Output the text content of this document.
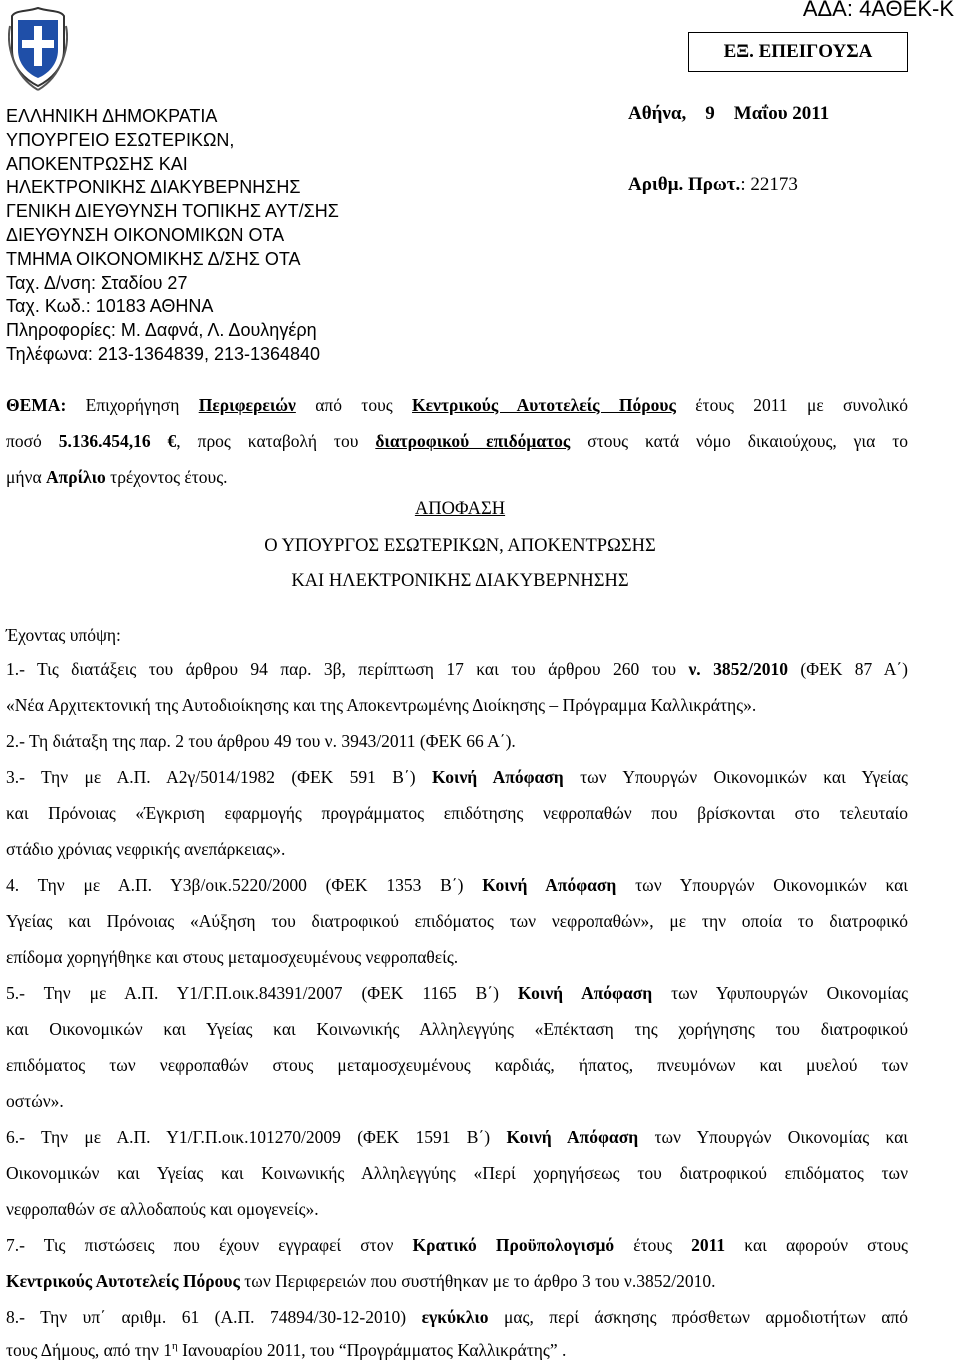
ΑΔΑ: 4ΑΘΕΚ-Κ
ΕΞ. ΕΠΕΙΓΟΥΣΑ
ΕΛΛΗΝΙΚΗ ΔΗΜΟΚΡΑΤΙΑ
ΥΠΟΥΡΓΕΙΟ ΕΣΩΤΕΡΙΚΩΝ,
ΑΠΟΚΕΝΤΡΩΣΗΣ ΚΑΙ
ΗΛΕΚΤΡΟΝΙΚΗΣ ΔΙΑΚΥΒΕΡΝΗΣΗΣ
ΓΕΝΙΚΗ ΔΙΕΥΘΥΝΣΗ ΤΟΠΙΚΗΣ ΑΥΤ/ΣΗΣ
ΔΙΕΥΘΥΝΣΗ ΟΙΚΟΝΟΜΙΚΩΝ ΟΤΑ
ΤΜΗΜΑ ΟΙΚΟΝΟΜΙΚΗΣ Δ/ΣΗΣ ΟΤΑ
Ταχ. Δ/νση: Σταδίου 27
Ταχ. Κωδ.: 10183 ΑΘΗΝΑ
Πληροφορίες: Μ. Δαφνά, Λ. Δουληγέρη
Τηλέφωνα: 213-1364839, 213-1364840
Αθήνα,    9    Μαΐου 2011
Αριθμ. Πρωτ.: 22173
ΘΕΜΑ: Επιχορήγηση Περιφερειών από τους Κεντρικούς Αυτοτελείς Πόρους έτους 2011 με συνολικό
ποσό 5.136.454,16 €, προς καταβολή του διατροφικού επιδόματος στους κατά νόμο δικαιούχους, για το
μήνα Απρίλιο τρέχοντος έτους.
ΑΠΟΦΑΣΗ
Ο ΥΠΟΥΡΓΟΣ ΕΣΩΤΕΡΙΚΩΝ, ΑΠΟΚΕΝΤΡΩΣΗΣ
ΚΑΙ ΗΛΕΚΤΡΟΝΙΚΗΣ ΔΙΑΚΥΒΕΡΝΗΣΗΣ
Έχοντας υπόψη:
1.- Τις διατάξεις του άρθρου 94 παρ. 3β, περίπτωση 17 και του άρθρου 260 του ν. 3852/2010 (ΦΕΚ 87 Α΄)
«Νέα Αρχιτεκτονική της Αυτοδιοίκησης και της Αποκεντρωμένης Διοίκησης – Πρόγραμμα Καλλικράτης».
2.- Τη διάταξη της παρ. 2 του άρθρου 49 του ν. 3943/2011 (ΦΕΚ 66 Α΄).
3.- Την με Α.Π. Α2γ/5014/1982 (ΦΕΚ 591 Β΄) Κοινή Απόφαση των Υπουργών Οικονομικών και Υγείας
και Πρόνοιας «Έγκριση εφαρμογής προγράμματος επιδότησης νεφροπαθών που βρίσκονται στο τελευταίο
στάδιο χρόνιας νεφρικής ανεπάρκειας».
4. Την με Α.Π. Υ3β/οικ.5220/2000 (ΦΕΚ 1353 Β΄) Κοινή Απόφαση των Υπουργών Οικονομικών και
Υγείας και Πρόνοιας «Αύξηση του διατροφικού επιδόματος των νεφροπαθών», με την οποία το διατροφικό
επίδομα χορηγήθηκε και στους μεταμοσχευμένους νεφροπαθείς.
5.- Την με Α.Π. Υ1/Γ.Π.οικ.84391/2007 (ΦΕΚ 1165 Β΄) Κοινή Απόφαση των Υφυπουργών Οικονομίας
και Οικονομικών και Υγείας και Κοινωνικής Αλληλεγγύης «Επέκταση της χορήγησης του διατροφικού
επιδόματος των νεφροπαθών στους μεταμοσχευμένους καρδιάς, ήπατος, πνευμόνων και μυελού των
οστών».
6.- Την με Α.Π. Υ1/Γ.Π.οικ.101270/2009 (ΦΕΚ 1591 Β΄) Κοινή Απόφαση των Υπουργών Οικονομίας και
Οικονομικών και Υγείας και Κοινωνικής Αλληλεγγύης «Περί χορηγήσεως του διατροφικού επιδόματος των
νεφροπαθών σε αλλοδαπούς και ομογενείς».
7.- Τις πιστώσεις που έχουν εγγραφεί στον Κρατικό Προϋπολογισμό έτους 2011 και αφορούν στους
Κεντρικούς Αυτοτελείς Πόρους των Περιφερειών που συστήθηκαν με το άρθρο 3 του ν.3852/2010.
8.- Την υπ΄ αριθμ. 61 (Α.Π. 74894/30-12-2010) εγκύκλιο μας, περί άσκησης πρόσθετων αρμοδιοτήτων από
τους Δήμους, από την $1^\eta$ Ιανουαρίου 2011, του “Προγράμματος Καλλικράτης” .
